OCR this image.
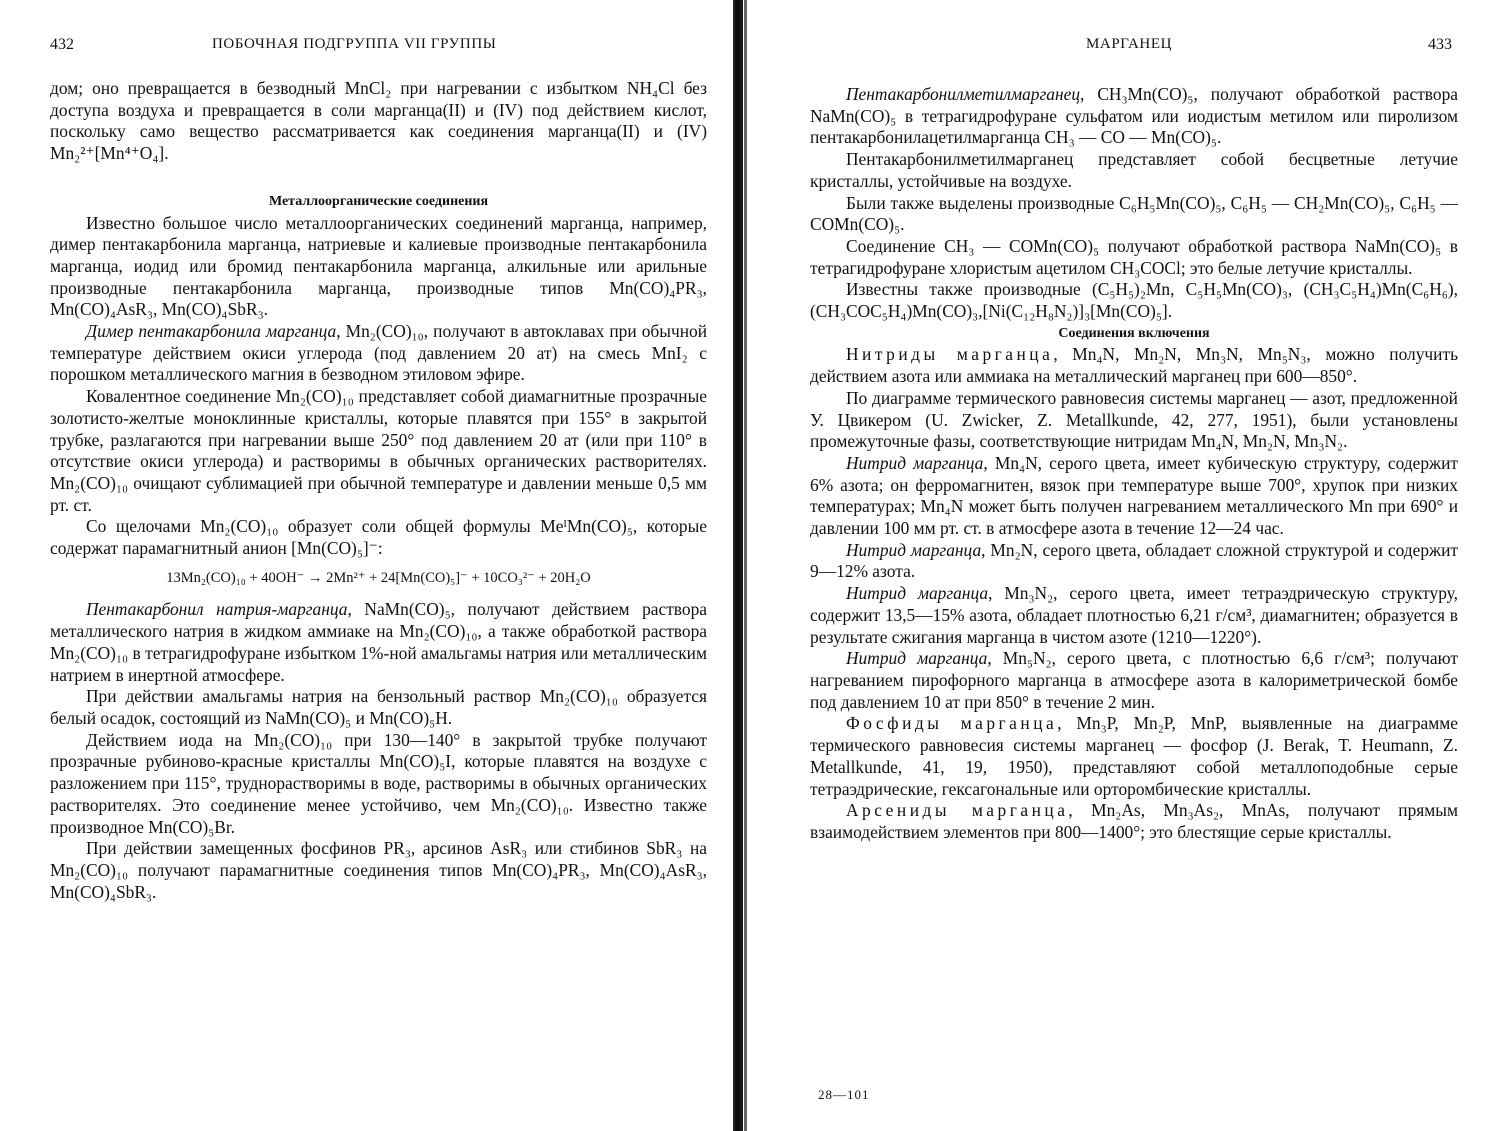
432	ПОБОЧНАЯ ПОДГРУППА VII ГРУППЫ

дом; оно превращается в безводный MnCl₂ при нагревании с избытком NH₄Cl без доступа воздуха и превращается в соли марганца(II) и (IV) под действием кислот, поскольку само вещество рассматривается как соединения марганца(II) и (IV) Mn₂²⁺[Mn⁴⁺O₄].

Металлоорганические соединения

Известно большое число металлоорганических соединений марганца, например, димер пентакарбонила марганца, натриевые и калиевые производные пентакарбонила марганца, иодид или бромид пентакарбонила марганца, алкильные или арильные производные пентакарбонила марганца, производные типов Mn(CO)₄PR₃, Mn(CO)₄AsR₃, Mn(CO)₄SbR₃.

Димер пентакарбонила марганца, Mn₂(CO)₁₀, получают в автоклавах при обычной температуре действием окиси углерода (под давлением 20 ат) на смесь MnI₂ с порошком металлического магния в безводном этиловом эфире.

Ковалентное соединение Mn₂(CO)₁₀ представляет собой диамагнитные прозрачные золотисто-желтые моноклинные кристаллы, которые плавятся при 155° в закрытой трубке, разлагаются при нагревании выше 250° под давлением 20 ат (или при 110° в отсутствие окиси углерода) и растворимы в обычных органических растворителях. Mn₂(CO)₁₀ очищают сублимацией при обычной температуре и давлении меньше 0,5 мм рт. ст.

Со щелочами Mn₂(CO)₁₀ образует соли общей формулы MeᴵMn(CO)₅, которые содержат парамагнитный анион [Mn(CO)₅]⁻:

13Mn₂(CO)₁₀ + 40OH⁻ → 2Mn²⁺ + 24[Mn(CO)₅]⁻ + 10CO₃²⁻ + 20H₂O

Пентакарбонил натрия-марганца, NaMn(CO)₅, получают действием раствора металлического натрия в жидком аммиаке на Mn₂(CO)₁₀, а также обработкой раствора Mn₂(CO)₁₀ в тетрагидрофуране избытком 1%-ной амальгамы натрия или металлическим натрием в инертной атмосфере.

При действии амальгамы натрия на бензольный раствор Mn₂(CO)₁₀ образуется белый осадок, состоящий из NaMn(CO)₅ и Mn(CO)₅H.

Действием иода на Mn₂(CO)₁₀ при 130—140° в закрытой трубке получают прозрачные рубиново-красные кристаллы Mn(CO)₅I, которые плавятся на воздухе с разложением при 115°, труднорастворимы в воде, растворимы в обычных органических растворителях. Это соединение менее устойчиво, чем Mn₂(CO)₁₀. Известно также производное Mn(CO)₅Br.

При действии замещенных фосфинов PR₃, арсинов AsR₃ или стибинов SbR₃ на Mn₂(CO)₁₀ получают парамагнитные соединения типов Mn(CO)₄PR₃, Mn(CO)₄AsR₃, Mn(CO)₄SbR₃.

МАРГАНЕЦ	433

Пентакарбонилметилмарганец, CH₃Mn(CO)₅, получают обработкой раствора NaMn(CO)₅ в тетрагидрофуране сульфатом или иодистым метилом или пиролизом пентакарбонилацетилмарганца CH₃ — CO — Mn(CO)₅.

Пентакарбонилметилмарганец представляет собой бесцветные летучие кристаллы, устойчивые на воздухе.

Были также выделены производные C₆H₅Mn(CO)₅, C₆H₅ — CH₂Mn(CO)₅, C₆H₅ — COMn(CO)₅.

Соединение CH₃ — COMn(CO)₅ получают обработкой раствора NaMn(CO)₅ в тетрагидрофуране хлористым ацетилом CH₃COCl; это белые летучие кристаллы.

Известны также производные (C₅H₅)₂Mn, C₅H₅Mn(CO)₃, (CH₃C₅H₄)Mn(C₆H₆),(CH₃COC₅H₄)Mn(CO)₃,[Ni(C₁₂H₈N₂)]₃[Mn(CO)₅].

Соединения включения

Нитриды марганца, Mn₄N, Mn₂N, Mn₃N, Mn₅N₃, можно получить действием азота или аммиака на металлический марганец при 600—850°.

По диаграмме термического равновесия системы марганец — азот, предложенной У. Цвикером (U. Zwicker, Z. Metallkunde, 42, 277, 1951), были установлены промежуточные фазы, соответствующие нитридам Mn₄N, Mn₂N, Mn₃N₂.

Нитрид марганца, Mn₄N, серого цвета, имеет кубическую структуру, содержит 6% азота; он ферромагнитен, вязок при температуре выше 700°, хрупок при низких температурах; Mn₄N может быть получен нагреванием металлического Mn при 690° и давлении 100 мм рт. ст. в атмосфере азота в течение 12—24 час.

Нитрид марганца, Mn₂N, серого цвета, обладает сложной структурой и содержит 9—12% азота.

Нитрид марганца, Mn₃N₂, серого цвета, имеет тетраэдрическую структуру, содержит 13,5—15% азота, обладает плотностью 6,21 г/см³, диамагнитен; образуется в результате сжигания марганца в чистом азоте (1210—1220°).

Нитрид марганца, Mn₅N₂, серого цвета, с плотностью 6,6 г/см³; получают нагреванием пирофорного марганца в атмосфере азота в калориметрической бомбе под давлением 10 ат при 850° в течение 2 мин.

Фосфиды марганца, Mn₃P, Mn₂P, MnP, выявленные на диаграмме термического равновесия системы марганец — фосфор (J. Berak, T. Heumann, Z. Metallkunde, 41, 19, 1950), представляют собой металлоподобные серые тетраэдрические, гексагональные или орторомбические кристаллы.

Арсениды марганца, Mn₂As, Mn₃As₂, MnAs, получают прямым взаимодействием элементов при 800—1400°; это блестящие серые кристаллы.

28—101
